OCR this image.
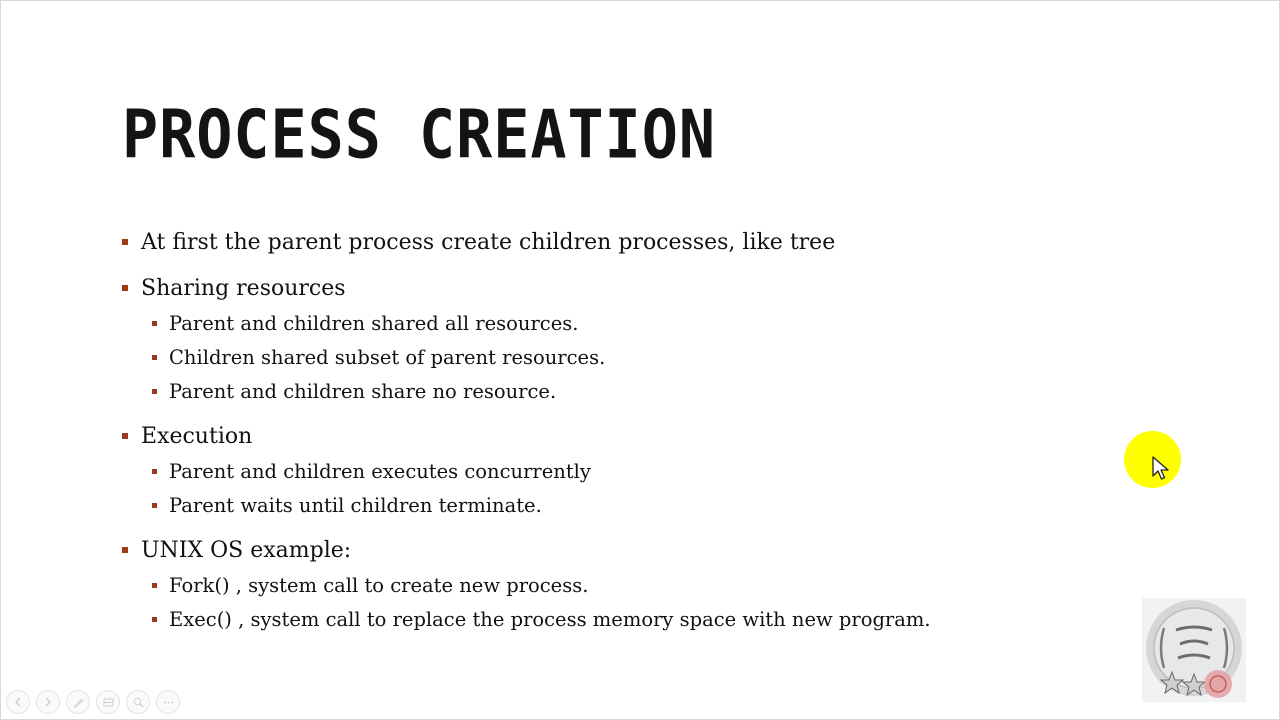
PROCESS CREATION
At first the parent process create children processes, like tree
Sharing resources
Parent and children shared all resources.
Children shared subset of parent resources.
Parent and children share no resource.
Execution
Parent and children executes concurrently
Parent waits until children terminate.
UNIX OS example:
Fork() , system call to create new process.
Exec() , system call to replace the process memory space with new program.
